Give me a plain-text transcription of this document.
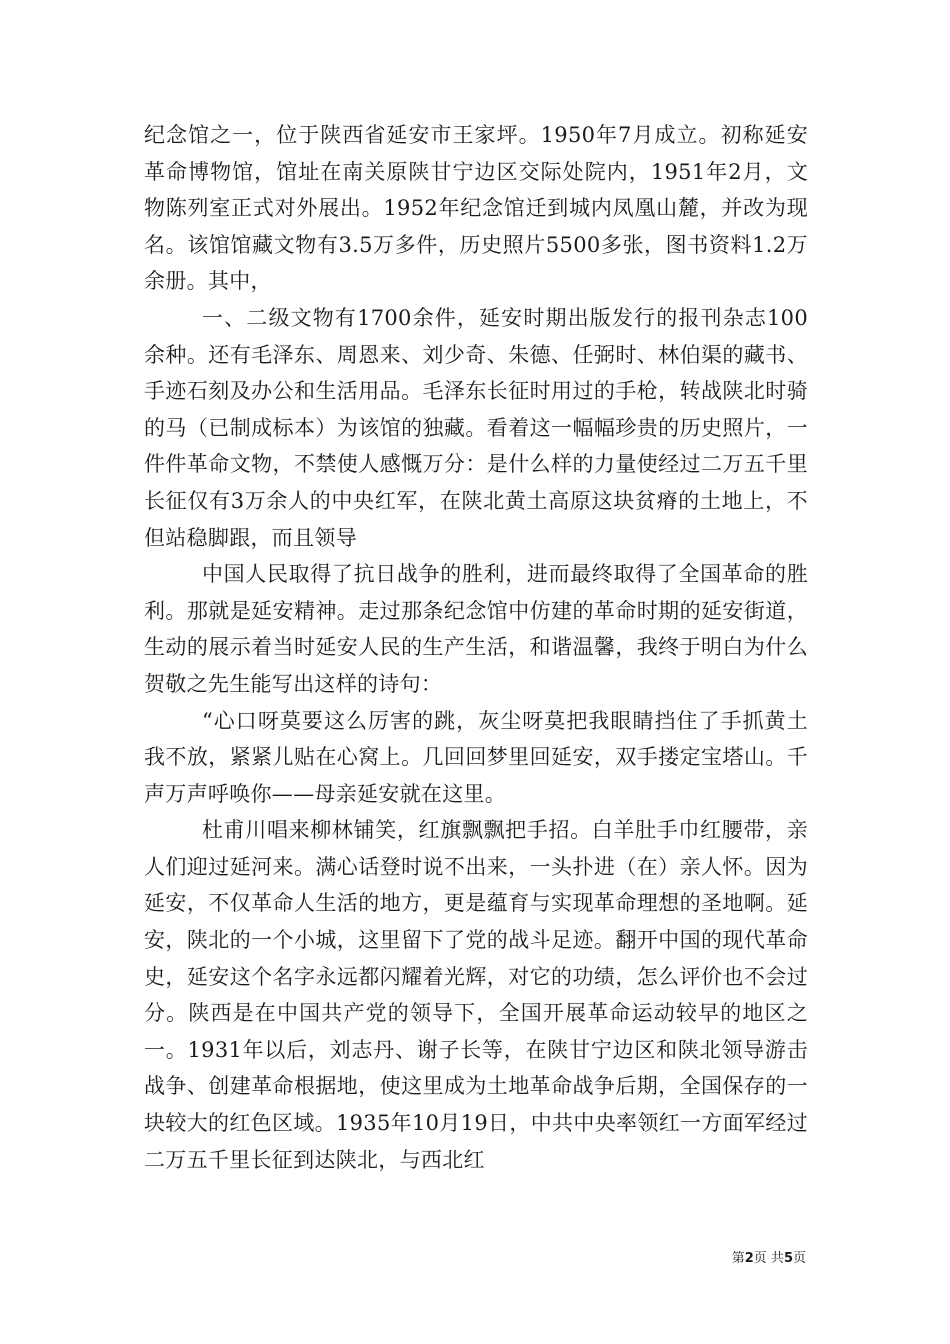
纪念馆之一，位于陕西省延安市王家坪。1950年7月成立。初称延安革命博物馆，馆址在南关原陕甘宁边区交际处院内，1951年2月，文物陈列室正式对外展出。1952年纪念馆迁到城内凤凰山麓，并改为现名。该馆馆藏文物有3.5万多件，历史照片5500多张，图书资料1.2万余册。其中，

一、二级文物有1700余件，延安时期出版发行的报刊杂志100余种。还有毛泽东、周恩来、刘少奇、朱德、任弼时、林伯渠的藏书、手迹石刻及办公和生活用品。毛泽东长征时用过的手枪，转战陕北时骑的马（已制成标本）为该馆的独藏。看着这一幅幅珍贵的历史照片，一件件革命文物，不禁使人感慨万分：是什么样的力量使经过二万五千里长征仅有3万余人的中央红军，在陕北黄土高原这块贫瘠的土地上，不但站稳脚跟，而且领导

中国人民取得了抗日战争的胜利，进而最终取得了全国革命的胜利。那就是延安精神。走过那条纪念馆中仿建的革命时期的延安街道，生动的展示着当时延安人民的生产生活，和谐温馨，我终于明白为什么贺敬之先生能写出这样的诗句：

“心口呀莫要这么厉害的跳，灰尘呀莫把我眼睛挡住了手抓黄土我不放，紧紧儿贴在心窝上。几回回梦里回延安，双手搂定宝塔山。千声万声呼唤你——母亲延安就在这里。

杜甫川唱来柳林铺笑，红旗飘飘把手招。白羊肚手巾红腰带，亲人们迎过延河来。满心话登时说不出来，一头扑进（在）亲人怀。因为延安，不仅革命人生活的地方，更是蕴育与实现革命理想的圣地啊。延安，陕北的一个小城，这里留下了党的战斗足迹。翻开中国的现代革命史，延安这个名字永远都闪耀着光辉，对它的功绩，怎么评价也不会过分。陕西是在中国共产党的领导下，全国开展革命运动较早的地区之一。1931年以后，刘志丹、谢子长等，在陕甘宁边区和陕北领导游击战争、创建革命根据地，使这里成为土地革命战争后期，全国保存的一块较大的红色区域。1935年10月19日，中共中央率领红一方面军经过二万五千里长征到达陕北，与西北红

第2页 共5页
